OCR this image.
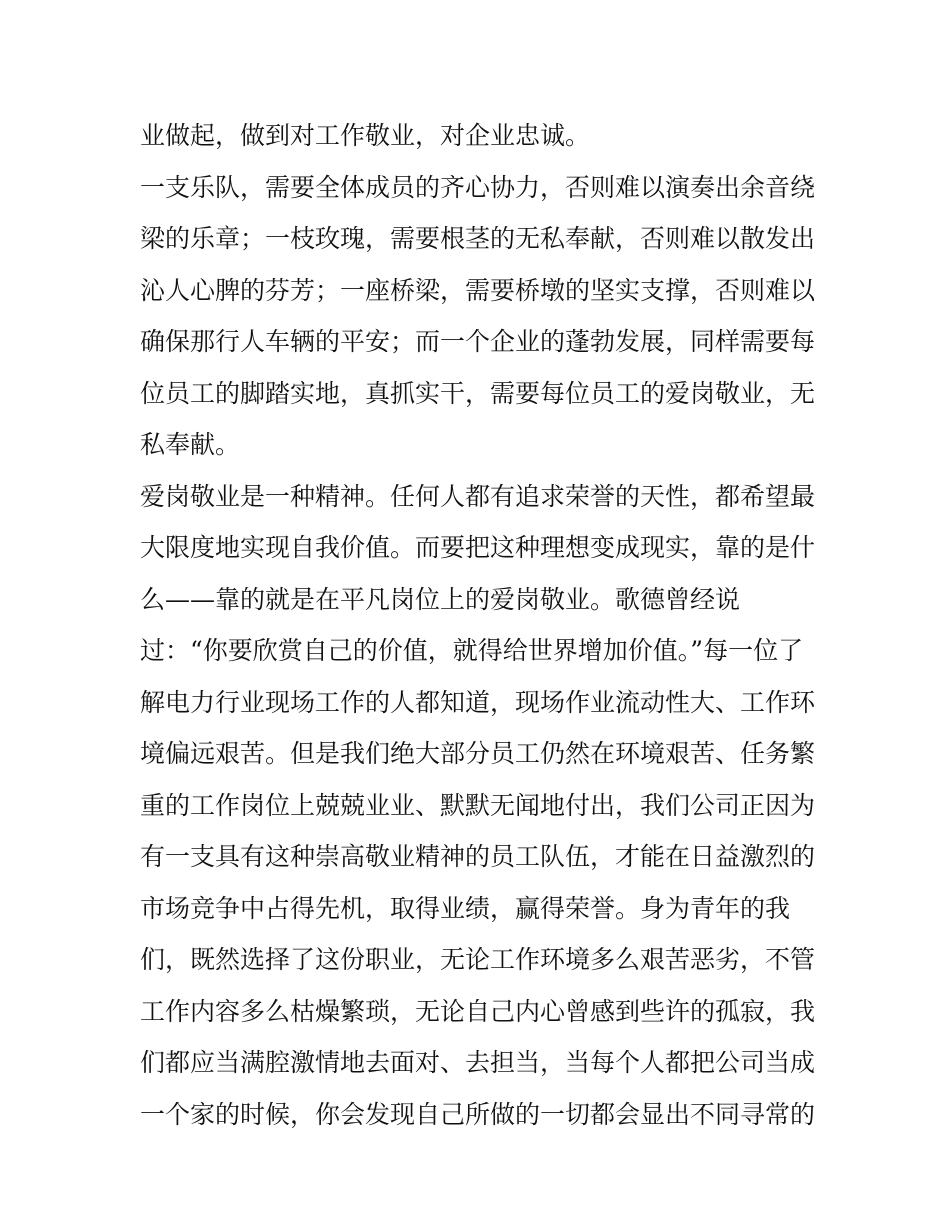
业做起，做到对工作敬业，对企业忠诚。
一支乐队，需要全体成员的齐心协力，否则难以演奏出余音绕
梁的乐章；一枝玫瑰，需要根茎的无私奉献，否则难以散发出
沁人心脾的芬芳；一座桥梁，需要桥墩的坚实支撑，否则难以
确保那行人车辆的平安；而一个企业的蓬勃发展，同样需要每
位员工的脚踏实地，真抓实干，需要每位员工的爱岗敬业，无
私奉献。
爱岗敬业是一种精神。任何人都有追求荣誉的天性，都希望最
大限度地实现自我价值。而要把这种理想变成现实，靠的是什
么——靠的就是在平凡岗位上的爱岗敬业。歌德曾经说
过：“你要欣赏自己的价值，就得给世界增加价值。”每一位了
解电力行业现场工作的人都知道，现场作业流动性大、工作环
境偏远艰苦。但是我们绝大部分员工仍然在环境艰苦、任务繁
重的工作岗位上兢兢业业、默默无闻地付出，我们公司正因为
有一支具有这种崇高敬业精神的员工队伍，才能在日益激烈的
市场竞争中占得先机，取得业绩，赢得荣誉。身为青年的我
们，既然选择了这份职业，无论工作环境多么艰苦恶劣，不管
工作内容多么枯燥繁琐，无论自己内心曾感到些许的孤寂，我
们都应当满腔激情地去面对、去担当，当每个人都把公司当成
一个家的时候，你会发现自己所做的一切都会显出不同寻常的
